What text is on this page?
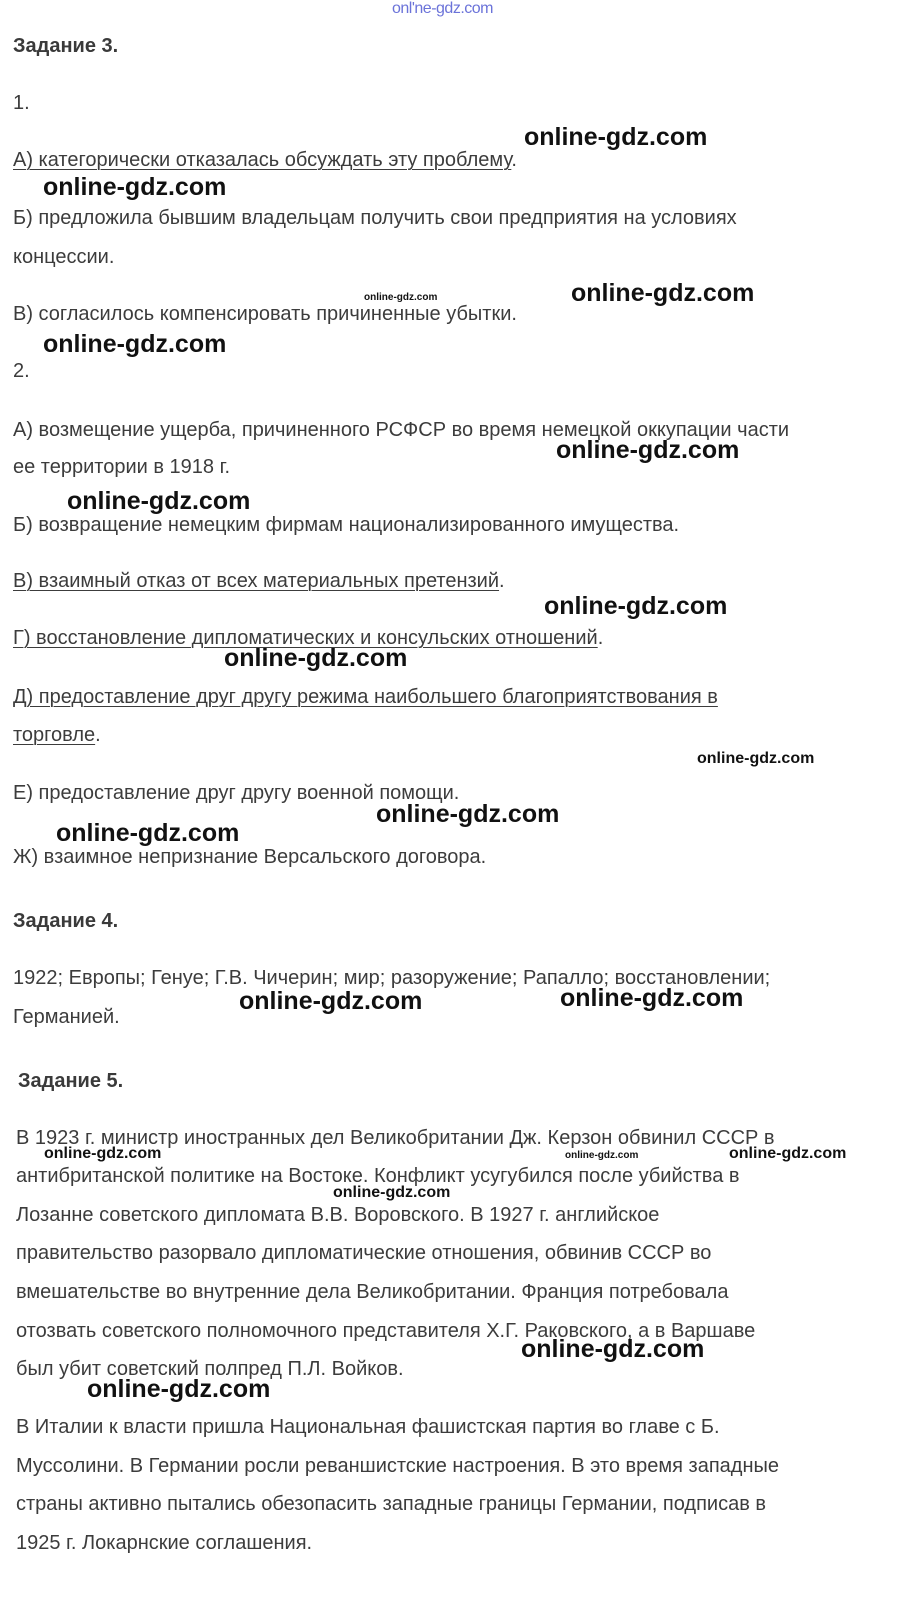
onl'ne-gdz.com
Задание 3.
1.
А) категорически отказалась обсуждать эту проблему.
Б) предложила бывшим владельцам получить свои предприятия на условиях
концессии.
В) согласилось компенсировать причиненные убытки.
2.
А) возмещение ущерба, причиненного РСФСР во время немецкой оккупации части
ее территории в 1918 г.
Б) возвращение немецким фирмам национализированного имущества.
В) взаимный отказ от всех материальных претензий.
Г) восстановление дипломатических и консульских отношений.
Д) предоставление друг другу режима наибольшего благоприятствования в
торговле.
Е) предоставление друг другу военной помощи.
Ж) взаимное непризнание Версальского договора.
Задание 4.
1922; Европы; Генуе; Г.В. Чичерин; мир; разоружение; Рапалло; восстановлении;
Германией.
Задание 5.
В 1923 г. министр иностранных дел Великобритании Дж. Керзон обвинил СССР в
антибританской политике на Востоке. Конфликт усугубился после убийства в
Лозанне советского дипломата В.В. Воровского. В 1927 г. английское
правительство разорвало дипломатические отношения, обвинив СССР во
вмешательстве во внутренние дела Великобритании. Франция потребовала
отозвать советского полномочного представителя Х.Г. Раковского, а в Варшаве
был убит советский полпред П.Л. Войков.
В Италии к власти пришла Национальная фашистская партия во главе с Б.
Муссолини. В Германии росли реваншистские настроения. В это время западные
страны активно пытались обезопасить западные границы Германии, подписав в
1925 г. Локарнские соглашения.
online-gdz.com
online-gdz.com
online-gdz.com	online-gdz.com
online-gdz.com
online-gdz.com
online-gdz.com
online-gdz.com
online-gdz.com
online-gdz.com
online-gdz.com
online-gdz.com
online-gdz.com	online-gdz.com
online-gdz.com	online-gdz.com	online-gdz.com
online-gdz.com
online-gdz.com
online-gdz.com
